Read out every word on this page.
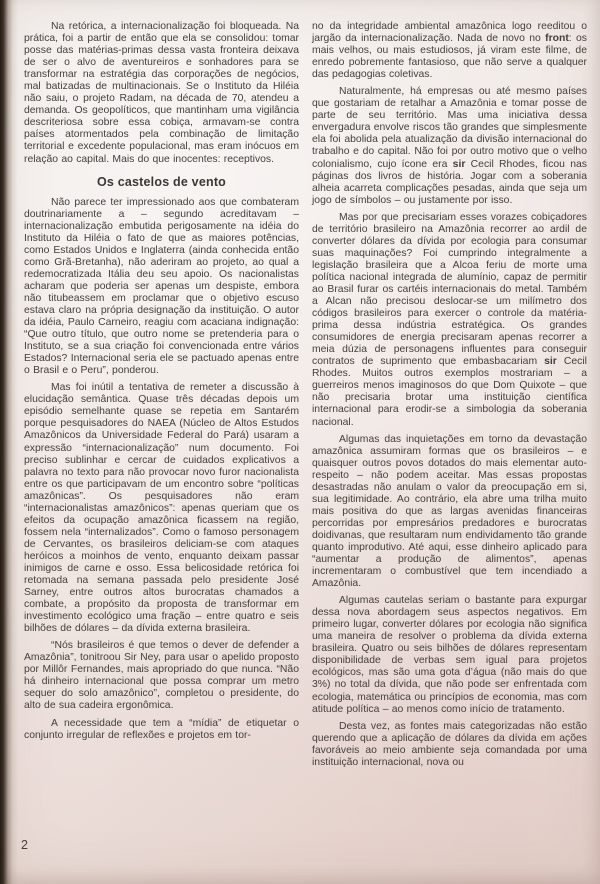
Na retórica, a internacionalização foi bloqueada. Na prática, foi a partir de então que ela se consolidou: tomar posse das matérias-primas dessa vasta fronteira deixava de ser o alvo de aventureiros e sonhadores para se transformar na estratégia das corporações de negócios, mal batizadas de multinacionais. Se o Instituto da Hiléia não saiu, o projeto Radam, na década de 70, atendeu a demanda. Os geopolíticos, que mantinham uma vigilância descriteriosa sobre essa cobiça, armavam-se contra países atormentados pela combinação de limitação territorial e excedente populacional, mas eram inócuos em relação ao capital. Mais do que inocentes: receptivos.

Os castelos de vento

Não parece ter impressionado aos que combateram doutrinariamente a – segundo acreditavam – internacionalização embutida perigosamente na idéia do Instituto da Hiléia o fato de que as maiores potências, como Estados Unidos e Inglaterra (ainda conhecida então como Grã-Bretanha), não aderiram ao projeto, ao qual a redemocratizada Itália deu seu apoio. Os nacionalistas acharam que poderia ser apenas um despiste, embora não titubeassem em proclamar que o objetivo escuso estava claro na própria designação da instituição. O autor da idéia, Paulo Carneiro, reagiu com acaciana indignação: “Que outro título, que outro nome se pretenderia para o Instituto, se a sua criação foi convencionada entre vários Estados? Internacional seria ele se pactuado apenas entre o Brasil e o Peru”, ponderou.

Mas foi inútil a tentativa de remeter a discussão à elucidação semântica. Quase três décadas depois um episódio semelhante quase se repetia em Santarém porque pesquisadores do NAEA (Núcleo de Altos Estudos Amazônicos da Universidade Federal do Pará) usaram a expressão “internacionalização” num documento. Foi preciso sublinhar e cercar de cuidados explicativos a palavra no texto para não provocar novo furor nacionalista entre os que participavam de um encontro sobre “políticas amazônicas”. Os pesquisadores não eram “internacionalistas amazônicos”: apenas queriam que os efeitos da ocupação amazônica ficassem na região, fossem nela “internalizados”. Como o famoso personagem de Cervantes, os brasileiros deliciam-se com ataques heróicos a moinhos de vento, enquanto deixam passar inimigos de carne e osso. Essa belicosidade retórica foi retomada na semana passada pelo presidente José Sarney, entre outros altos burocratas chamados a combate, a propósito da proposta de transformar em investimento ecológico uma fração – entre quatro e seis bilhões de dólares – da dívida externa brasileira.

“Nós brasileiros é que temos o dever de defender a Amazônia”, tonitroou Sir Ney, para usar o apelido proposto por Millôr Fernandes, mais apropriado do que nunca. “Não há dinheiro internacional que possa comprar um metro sequer do solo amazônico”, completou o presidente, do alto de sua cadeira ergonômica.

A necessidade que tem a “mídia” de etiquetar o conjunto irregular de reflexões e projetos em tor-

no da integridade ambiental amazônica logo reeditou o jargão da internacionalização. Nada de novo no front: os mais velhos, ou mais estudiosos, já viram este filme, de enredo pobremente fantasioso, que não serve a qualquer das pedagogias coletivas.

Naturalmente, há empresas ou até mesmo países que gostariam de retalhar a Amazônia e tomar posse de parte de seu território. Mas uma iniciativa dessa envergadura envolve riscos tão grandes que simplesmente ela foi abolida pela atualização da divisão internacional do trabalho e do capital. Não foi por outro motivo que o velho colonialismo, cujo ícone era sir Cecil Rhodes, ficou nas páginas dos livros de história. Jogar com a soberania alheia acarreta complicações pesadas, ainda que seja um jogo de símbolos – ou justamente por isso.

Mas por que precisariam esses vorazes cobiçadores de território brasileiro na Amazônia recorrer ao ardil de converter dólares da dívida por ecologia para consumar suas maquinações? Foi cumprindo integralmente a legislação brasileira que a Alcoa feriu de morte uma política nacional integrada de alumínio, capaz de permitir ao Brasil furar os cartéis internacionais do metal. Também a Alcan não precisou deslocar-se um milímetro dos códigos brasileiros para exercer o controle da matéria-prima dessa indústria estratégica. Os grandes consumidores de energia precisaram apenas recorrer a meia dúzia de personagens influentes para conseguir contratos de suprimento que embasbacariam sir Cecil Rhodes. Muitos outros exemplos mostrariam – a guerreiros menos imaginosos do que Dom Quixote – que não precisaria brotar uma instituição científica internacional para erodir-se a simbologia da soberania nacional.

Algumas das inquietações em torno da devastação amazônica assumiram formas que os brasileiros – e quaisquer outros povos dotados do mais elementar auto-respeito – não podem aceitar. Mas essas propostas desastradas não anulam o valor da preocupação em si, sua legitimidade. Ao contrário, ela abre uma trilha muito mais positiva do que as largas avenidas financeiras percorridas por empresários predadores e burocratas doidivanas, que resultaram num endividamento tão grande quanto improdutivo. Até aqui, esse dinheiro aplicado para “aumentar a produção de alimentos”, apenas incrementaram o combustível que tem incendiado a Amazônia.

Algumas cautelas seriam o bastante para expurgar dessa nova abordagem seus aspectos negativos. Em primeiro lugar, converter dólares por ecologia não significa uma maneira de resolver o problema da dívida externa brasileira. Quatro ou seis bilhões de dólares representam disponibilidade de verbas sem igual para projetos ecológicos, mas são uma gota d’água (não mais do que 3%) no total da dívida, que não pode ser enfrentada com ecologia, matemática ou princípios de economia, mas com atitude política – ao menos como início de tratamento.

Desta vez, as fontes mais categorizadas não estão querendo que a aplicação de dólares da dívida em ações favoráveis ao meio ambiente seja comandada por uma instituição internacional, nova ou

2
